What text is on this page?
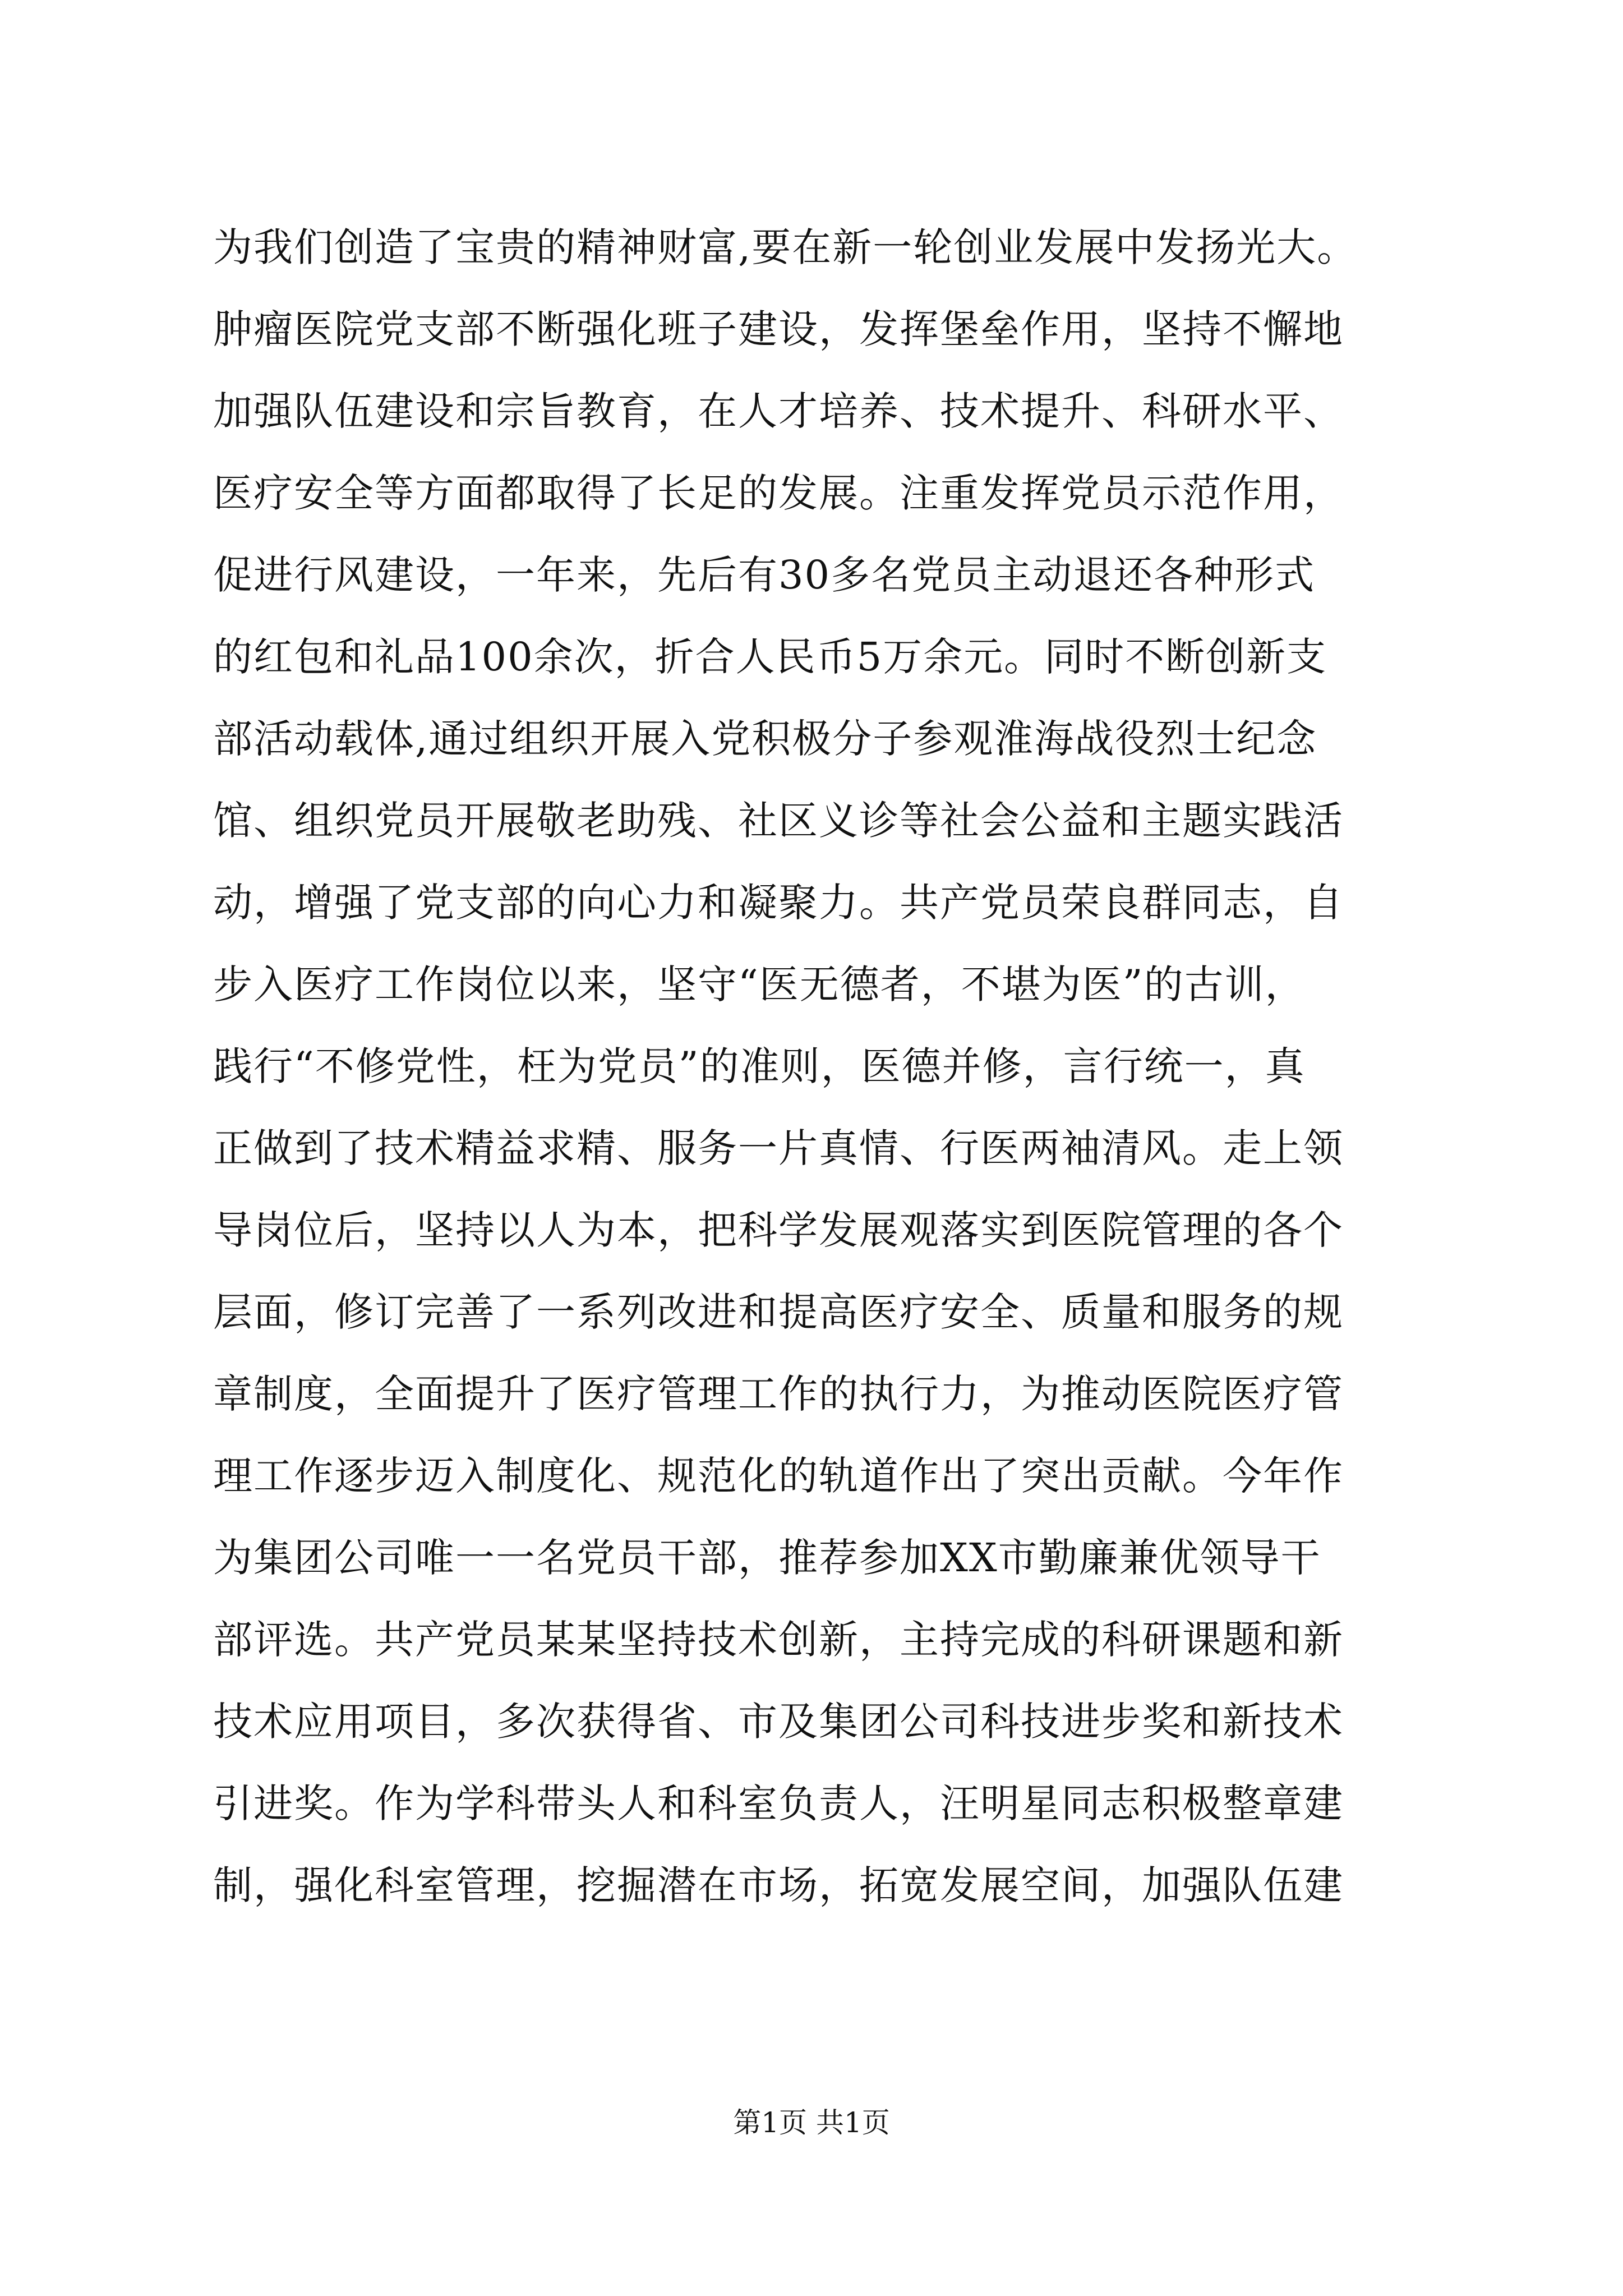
为我们创造了宝贵的精神财富,要在新一轮创业发展中发扬光大。
肿瘤医院党支部不断强化班子建设，发挥堡垒作用，坚持不懈地
加强队伍建设和宗旨教育，在人才培养、技术提升、科研水平、
医疗安全等方面都取得了长足的发展。注重发挥党员示范作用，
促进行风建设，一年来，先后有30多名党员主动退还各种形式
的红包和礼品100余次，折合人民币5万余元。同时不断创新支
部活动载体,通过组织开展入党积极分子参观淮海战役烈士纪念
馆、组织党员开展敬老助残、社区义诊等社会公益和主题实践活
动，增强了党支部的向心力和凝聚力。共产党员荣良群同志，自
步入医疗工作岗位以来，坚守“医无德者，不堪为医”的古训，
践行“不修党性，枉为党员”的准则，医德并修，言行统一，真
正做到了技术精益求精、服务一片真情、行医两袖清风。走上领
导岗位后，坚持以人为本，把科学发展观落实到医院管理的各个
层面，修订完善了一系列改进和提高医疗安全、质量和服务的规
章制度，全面提升了医疗管理工作的执行力，为推动医院医疗管
理工作逐步迈入制度化、规范化的轨道作出了突出贡献。今年作
为集团公司唯一一名党员干部，推荐参加XX市勤廉兼优领导干
部评选。共产党员某某坚持技术创新，主持完成的科研课题和新
技术应用项目，多次获得省、市及集团公司科技进步奖和新技术
引进奖。作为学科带头人和科室负责人，汪明星同志积极整章建
制，强化科室管理，挖掘潜在市场，拓宽发展空间，加强队伍建
第1页 共1页
